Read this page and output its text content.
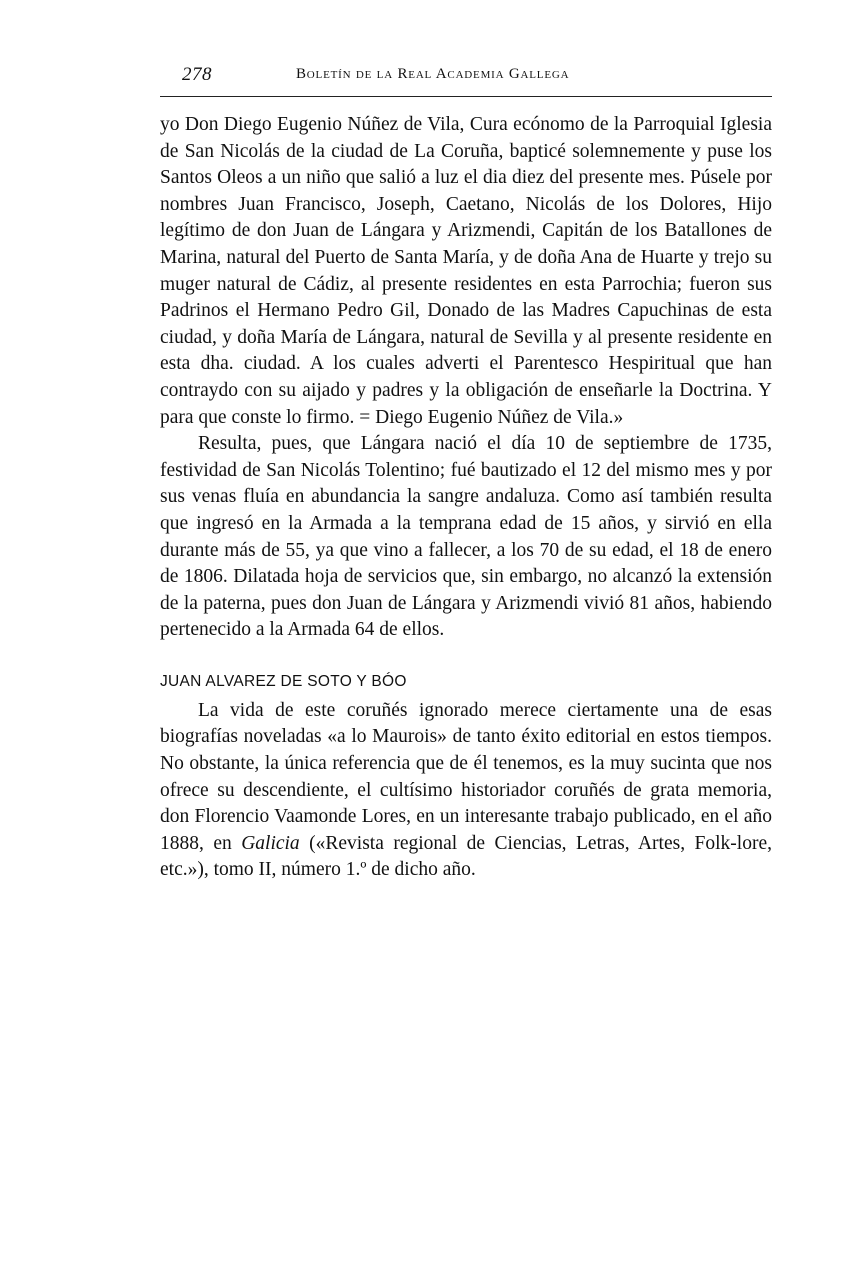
278	Boletín de la Real Academia Gallega

yo Don Diego Eugenio Núñez de Vila, Cura ecónomo de la Parroquial Iglesia de San Nicolás de la ciudad de La Coruña, bapticé solemnemente y puse los Santos Oleos a un niño que salió a luz el dia diez del presente mes. Púsele por nombres Juan Francisco, Joseph, Caetano, Nicolás de los Dolores, Hijo legítimo de don Juan de Lángara y Arizmendi, Capitán de los Batallones de Marina, natural del Puerto de Santa María, y de doña Ana de Huarte y trejo su muger natural de Cádiz, al presente residentes en esta Parrochia; fueron sus Padrinos el Hermano Pedro Gil, Donado de las Madres Capuchinas de esta ciudad, y doña María de Lángara, natural de Sevilla y al presente residente en esta dha. ciudad. A los cuales adverti el Parentesco Hespiritual que han contraydo con su aijado y padres y la obligación de enseñarle la Doctrina. Y para que conste lo firmo. = Diego Eugenio Núñez de Vila.»

Resulta, pues, que Lángara nació el día 10 de septiembre de 1735, festividad de San Nicolás Tolentino; fué bautizado el 12 del mismo mes y por sus venas fluía en abundancia la sangre andaluza. Como así también resulta que ingresó en la Armada a la temprana edad de 15 años, y sirvió en ella durante más de 55, ya que vino a fallecer, a los 70 de su edad, el 18 de enero de 1806. Dilatada hoja de servicios que, sin embargo, no alcanzó la extensión de la paterna, pues don Juan de Lángara y Arizmendi vivió 81 años, habiendo pertenecido a la Armada 64 de ellos.

JUAN ALVAREZ DE SOTO Y BÓO

La vida de este coruñés ignorado merece ciertamente una de esas biografías noveladas «a lo Maurois» de tanto éxito editorial en estos tiempos. No obstante, la única referencia que de él tenemos, es la muy sucinta que nos ofrece su descendiente, el cultísimo historiador coruñés de grata memoria, don Florencio Vaamonde Lores, en un interesante trabajo publicado, en el año 1888, en Galicia («Revista regional de Ciencias, Letras, Artes, Folk-lore, etc.»), tomo II, número 1.º de dicho año.
